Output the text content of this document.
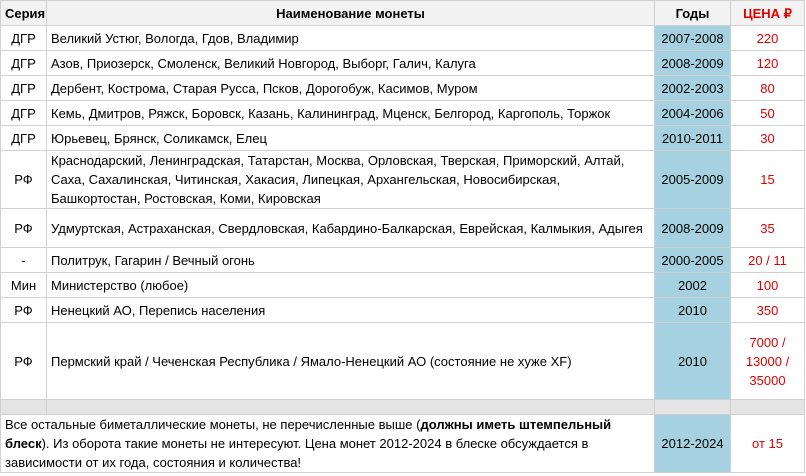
Серия	Наименование монеты	Годы	ЦЕНА ₽
ДГР	Великий Устюг, Вологда, Гдов, Владимир	2007-2008	220
ДГР	Азов, Приозерск, Смоленск, Великий Новгород, Выборг, Галич, Калуга	2008-2009	120
ДГР	Дербент, Кострома, Старая Русса, Псков, Дорогобуж, Касимов, Муром	2002-2003	80
ДГР	Кемь, Дмитров, Ряжск, Боровск, Казань, Калининград, Мценск, Белгород, Каргополь, Торжок	2004-2006	50
ДГР	Юрьевец, Брянск, Соликамск, Елец	2010-2011	30
РФ	Краснодарский, Ленинградская, Татарстан, Москва, Орловская, Тверская, Приморский, Алтай, Саха, Сахалинская, Читинская, Хакасия, Липецкая, Архангельская, Новосибирская, Башкортостан, Ростовская, Коми, Кировская	2005-2009	15
РФ	Удмуртская, Астраханская, Свердловская, Кабардино-Балкарская, Еврейская, Калмыкия, Адыгея	2008-2009	35
-	Политрук, Гагарин / Вечный огонь	2000-2005	20 / 11
Мин	Министерство (любое)	2002	100
РФ	Ненецкий АО, Перепись населения	2010	350
РФ	Пермский край / Чеченская Республика / Ямало-Ненецкий АО (состояние не хуже XF)	2010	7000 / 13000 / 35000

Все остальные биметаллические монеты, не перечисленные выше (должны иметь штемпельный блеск). Из оборота такие монеты не интересуют. Цена монет 2012-2024 в блеске обсуждается в зависимости от их года, состояния и количества!		2012-2024	от 15
